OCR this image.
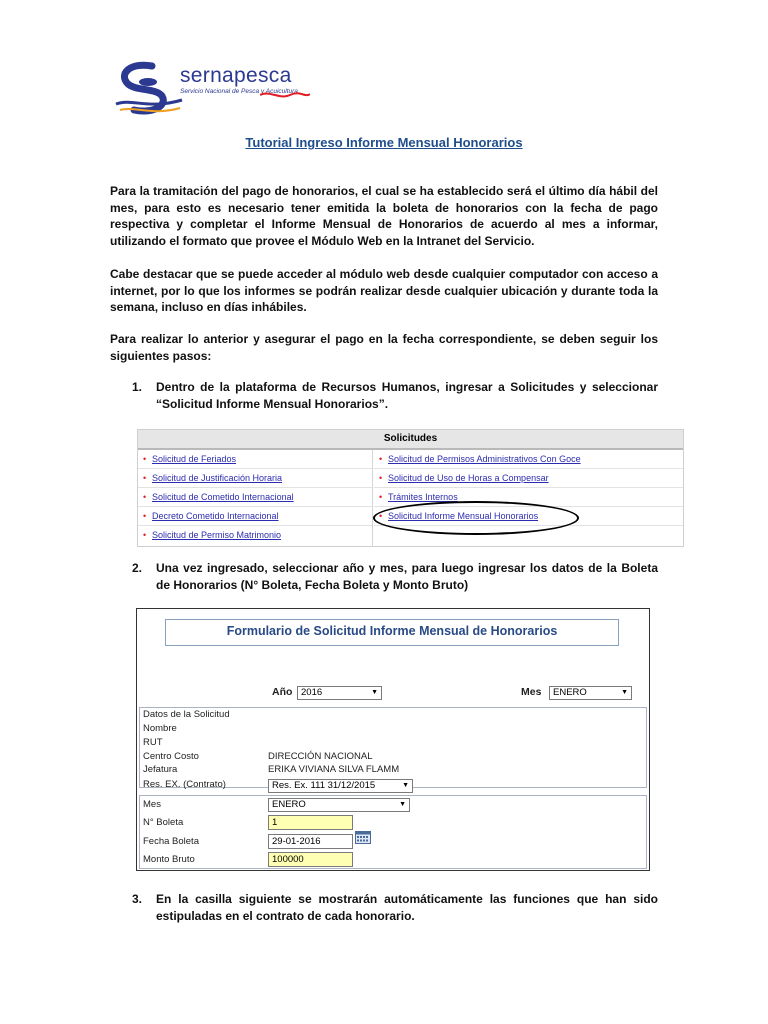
sernapesca
Servicio Nacional de Pesca y Acuicultura
Tutorial Ingreso Informe Mensual Honorarios
Para la tramitación del pago de honorarios, el cual se ha establecido será el último día hábil del mes, para esto es necesario tener emitida la boleta de honorarios con la fecha de pago respectiva y completar el Informe Mensual de Honorarios de acuerdo al mes a informar, utilizando el formato que provee el Módulo Web en la Intranet del Servicio.
Cabe destacar que se puede acceder al módulo web desde cualquier computador con acceso a internet, por lo que los informes se podrán realizar desde cualquier ubicación y durante toda la semana, incluso en días inhábiles.
Para realizar lo anterior y asegurar el pago en la fecha correspondiente, se deben seguir los siguientes pasos:
1. Dentro de la plataforma de Recursos Humanos, ingresar a Solicitudes y seleccionar “Solicitud Informe Mensual Honorarios”.
Solicitudes
• Solicitud de Feriados
• Solicitud de Justificación Horaria
• Solicitud de Cometido Internacional
• Decreto Cometido Internacional
• Solicitud de Permiso Matrimonio
• Solicitud de Permisos Administrativos Con Goce
• Solicitud de Uso de Horas a Compensar
• Trámites Internos
• Solicitud Informe Mensual Honorarios
2. Una vez ingresado, seleccionar año y mes, para luego ingresar los datos de la Boleta de Honorarios (N° Boleta, Fecha Boleta y Monto Bruto)
Formulario de Solicitud Informe Mensual de Honorarios
Año 2016	▼	Mes	ENERO	▼
Datos de la Solicitud
Nombre
RUT
Centro Costo	DIRECCIÓN NACIONAL
Jefatura	ERIKA VIVIANA SILVA FLAMM
Res. EX. (Contrato)	Res. Ex. 111 31/12/2015	▼
Mes	ENERO	▼
N° Boleta	1
Fecha Boleta	29-01-2016
Monto Bruto	100000
3. En la casilla siguiente se mostrarán automáticamente las funciones que han sido estipuladas en el contrato de cada honorario.
